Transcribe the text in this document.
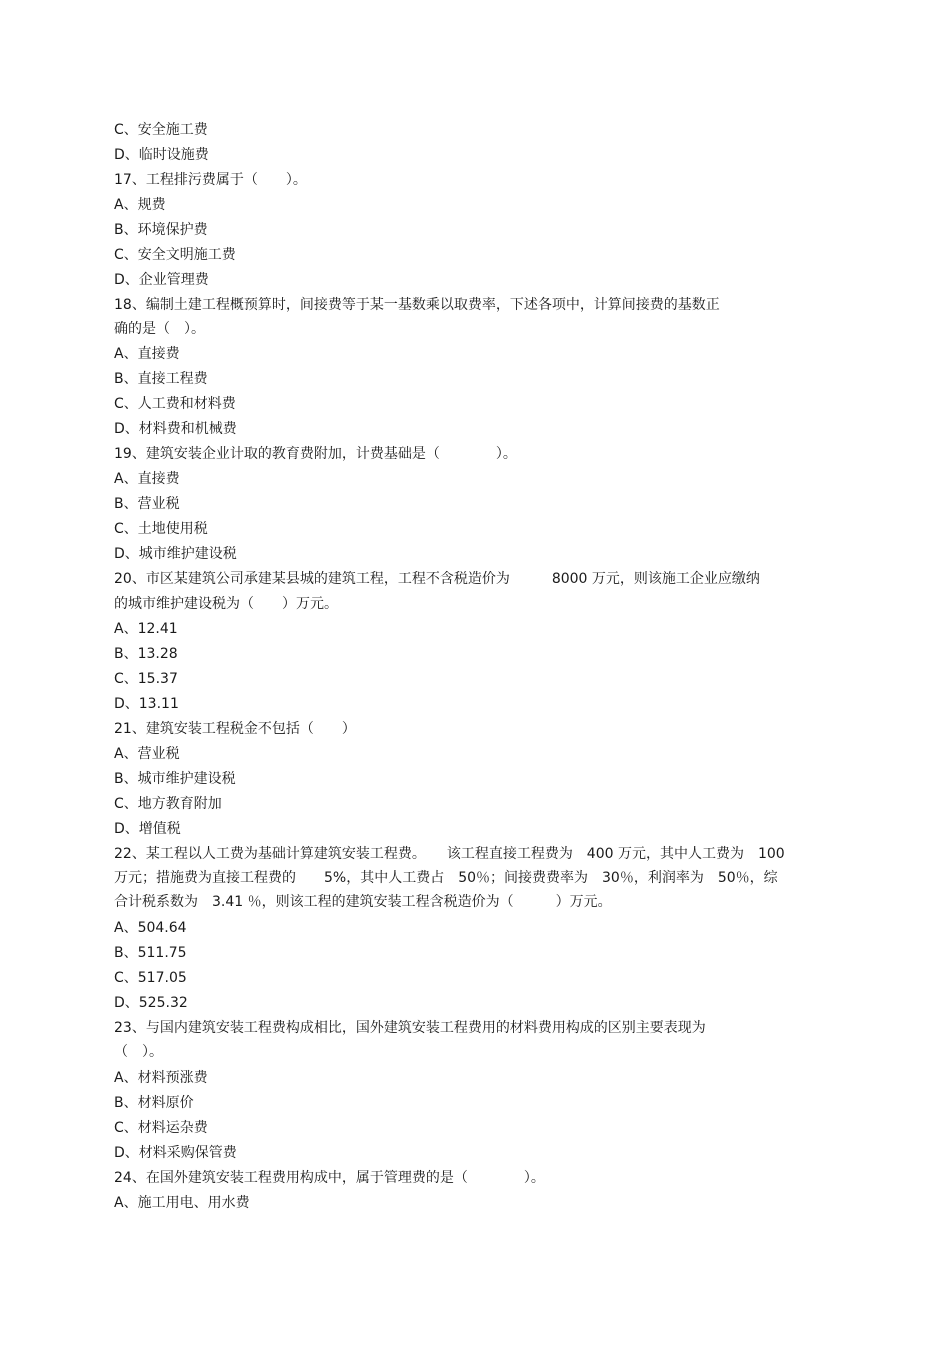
C、安全施工费
D、临时设施费
17、工程排污费属于（　　）。
A、规费
B、环境保护费
C、安全文明施工费
D、企业管理费
18、编制土建工程概预算时，间接费等于某一基数乘以取费率，下述各项中，计算间接费的基数正
确的是（　）。
A、直接费
B、直接工程费
C、人工费和材料费
D、材料费和机械费
19、建筑安装企业计取的教育费附加，计费基础是（　　　　）。
A、直接费
B、营业税
C、土地使用税
D、城市维护建设税
20、市区某建筑公司承建某县城的建筑工程，工程不含税造价为　　　8000 万元，则该施工企业应缴纳
的城市维护建设税为（　　）万元。
A、12.41
B、13.28
C、15.37
D、13.11
21、建筑安装工程税金不包括（　　）
A、营业税
B、城市维护建设税
C、地方教育附加
D、增值税
22、某工程以人工费为基础计算建筑安装工程费。　　该工程直接工程费为　400 万元，其中人工费为　100
万元；措施费为直接工程费的　　5%，其中人工费占　50％；间接费费率为　30％，利润率为　50％，综
合计税系数为　3.41 ％，则该工程的建筑安装工程含税造价为（　　　）万元。
A、504.64
B、511.75
C、517.05
D、525.32
23、与国内建筑安装工程费构成相比，国外建筑安装工程费用的材料费用构成的区别主要表现为
（　）。
A、材料预涨费
B、材料原价
C、材料运杂费
D、材料采购保管费
24、在国外建筑安装工程费用构成中，属于管理费的是（　　　　）。
A、施工用电、用水费
